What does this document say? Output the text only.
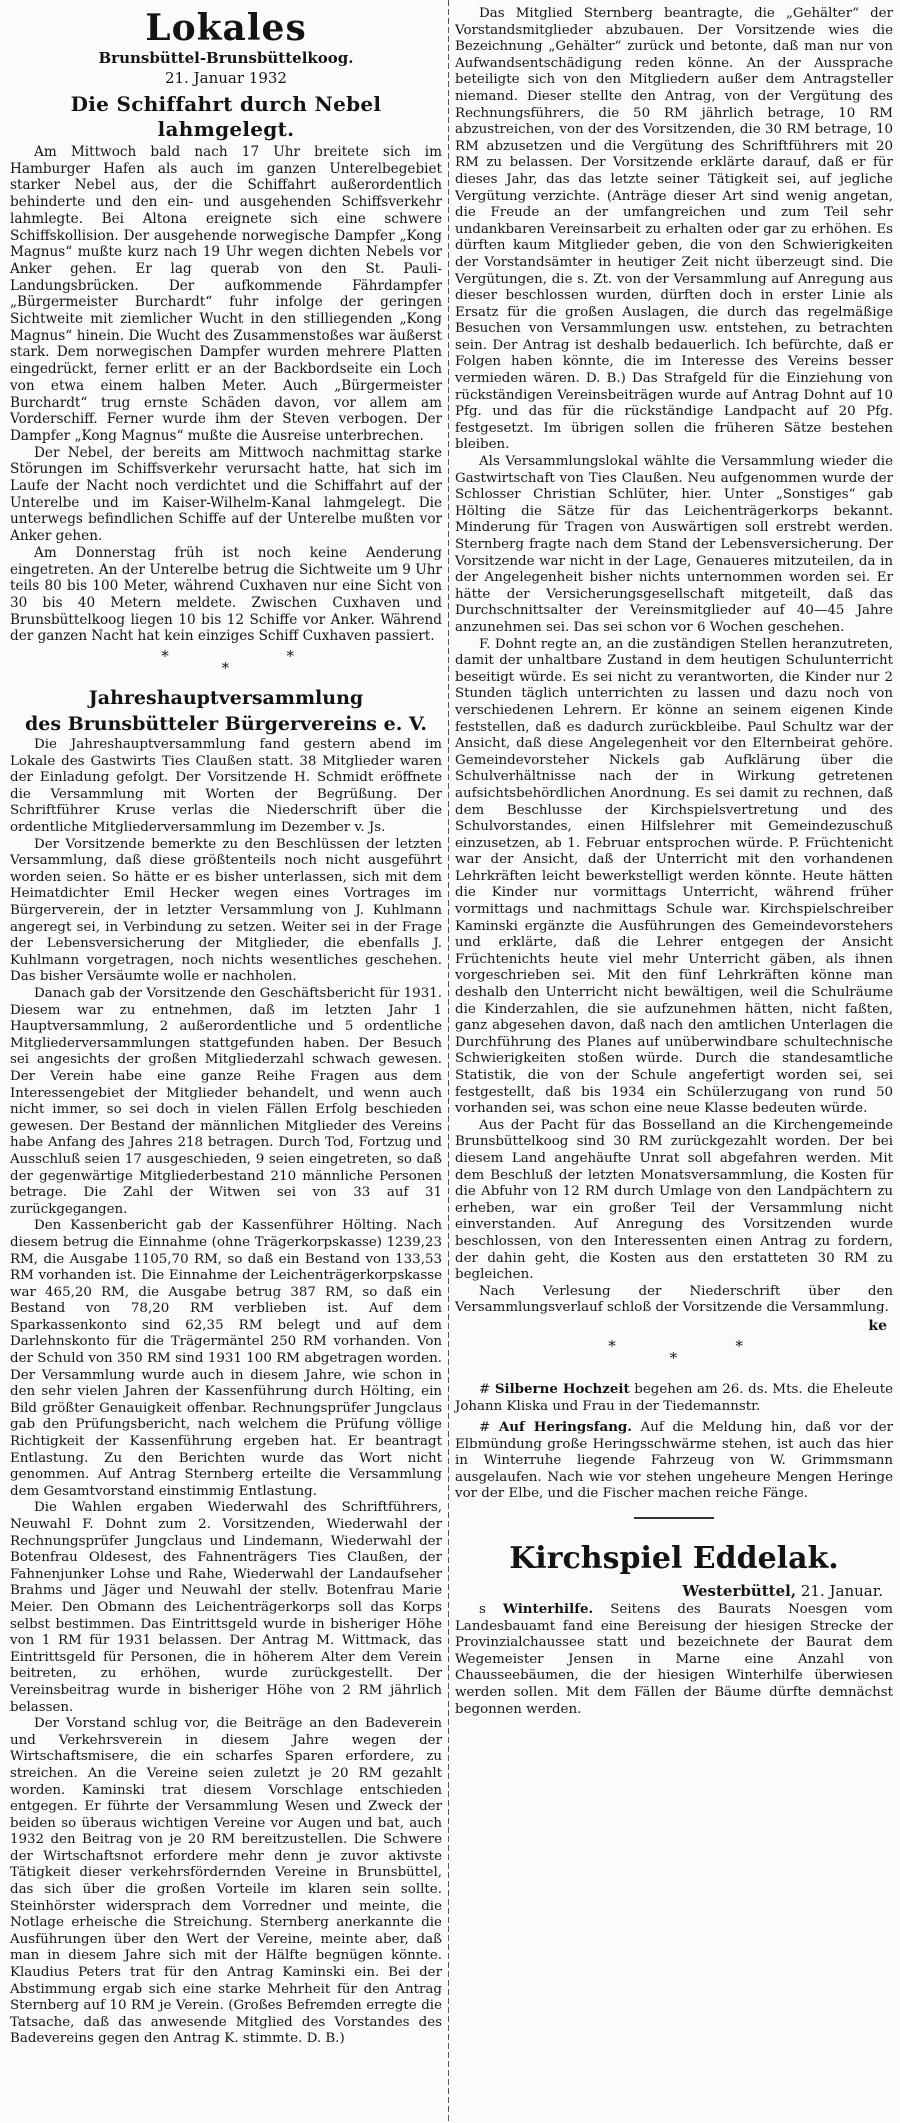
Lokales
Brunsbüttel-Brunsbüttelkoog.
21. Januar 1932
Die Schiffahrt durch Nebel lahmgelegt.

Am Mittwoch bald nach 17 Uhr breitete sich im Hamburger Hafen als auch im ganzen Unterelbegebiet starker Nebel aus, der die Schiffahrt außerordentlich behinderte und den ein- und ausgehenden Schiffsverkehr lahmlegte. Bei Altona ereignete sich eine schwere Schiffskollision. Der ausgehende norwegische Dampfer „Kong Magnus“ mußte kurz nach 19 Uhr wegen dichten Nebels vor Anker gehen. Er lag querab von den St. Pauli-Landungsbrücken. Der aufkommende Fährdampfer „Bürgermeister Burchardt“ fuhr infolge der geringen Sichtweite mit ziemlicher Wucht in den stilliegenden „Kong Magnus“ hinein. Die Wucht des Zusammenstoßes war äußerst stark. Dem norwegischen Dampfer wurden mehrere Platten eingedrückt, ferner erlitt er an der Backbordseite ein Loch von etwa einem halben Meter. Auch „Bürgermeister Burchardt“ trug ernste Schäden davon, vor allem am Vorderschiff. Ferner wurde ihm der Steven verbogen. Der Dampfer „Kong Magnus“ mußte die Ausreise unterbrechen.

Der Nebel, der bereits am Mittwoch nachmittag starke Störungen im Schiffsverkehr verursacht hatte, hat sich im Laufe der Nacht noch verdichtet und die Schiffahrt auf der Unterelbe und im Kaiser-Wilhelm-Kanal lahmgelegt. Die unterwegs befindlichen Schiffe auf der Unterelbe mußten vor Anker gehen.

Am Donnerstag früh ist noch keine Aenderung eingetreten. An der Unterelbe betrug die Sichtweite um 9 Uhr teils 80 bis 100 Meter, während Cuxhaven nur eine Sicht von 30 bis 40 Metern meldete. Zwischen Cuxhaven und Brunsbüttelkoog liegen 10 bis 12 Schiffe vor Anker. Während der ganzen Nacht hat kein einziges Schiff Cuxhaven passiert.

*
*
*
Jahreshauptversammlung
des Brunsbütteler Bürgervereins e. V.

Die Jahreshauptversammlung fand gestern abend im Lokale des Gastwirts Ties Claußen statt. 38 Mitglieder waren der Einladung gefolgt. Der Vorsitzende H. Schmidt eröffnete die Versammlung mit Worten der Begrüßung. Der Schriftführer Kruse verlas die Niederschrift über die ordentliche Mitgliederversammlung im Dezember v. Js.

Der Vorsitzende bemerkte zu den Beschlüssen der letzten Versammlung, daß diese größtenteils noch nicht ausgeführt worden seien. So hätte er es bisher unterlassen, sich mit dem Heimatdichter Emil Hecker wegen eines Vortrages im Bürgerverein, der in letzter Versammlung von J. Kuhlmann angeregt sei, in Verbindung zu setzen. Weiter sei in der Frage der Lebensversicherung der Mitglieder, die ebenfalls J. Kuhlmann vorgetragen, noch nichts wesentliches geschehen. Das bisher Versäumte wolle er nachholen.

Danach gab der Vorsitzende den Geschäftsbericht für 1931. Diesem war zu entnehmen, daß im letzten Jahr 1 Hauptversammlung, 2 außerordentliche und 5 ordentliche Mitgliederversammlungen stattgefunden haben. Der Besuch sei angesichts der großen Mitgliederzahl schwach gewesen. Der Verein habe eine ganze Reihe Fragen aus dem Interessengebiet der Mitglieder behandelt, und wenn auch nicht immer, so sei doch in vielen Fällen Erfolg beschieden gewesen. Der Bestand der männlichen Mitglieder des Vereins habe Anfang des Jahres 218 betragen. Durch Tod, Fortzug und Ausschluß seien 17 ausgeschieden, 9 seien eingetreten, so daß der gegenwärtige Mitgliederbestand 210 männliche Personen betrage. Die Zahl der Witwen sei von 33 auf 31 zurückgegangen.

Den Kassenbericht gab der Kassenführer Hölting. Nach diesem betrug die Einnahme (ohne Trägerkorpskasse) 1239,23 RM, die Ausgabe 1105,70 RM, so daß ein Bestand von 133,53 RM vorhanden ist. Die Einnahme der Leichenträgerkorpskasse war 465,20 RM, die Ausgabe betrug 387 RM, so daß ein Bestand von 78,20 RM verblieben ist. Auf dem Sparkassenkonto sind 62,35 RM belegt und auf dem Darlehnskonto für die Trägermäntel 250 RM vorhanden. Von der Schuld von 350 RM sind 1931 100 RM abgetragen worden. Der Versammlung wurde auch in diesem Jahre, wie schon in den sehr vielen Jahren der Kassenführung durch Hölting, ein Bild größter Genauigkeit offenbar. Rechnungsprüfer Jungclaus gab den Prüfungsbericht, nach welchem die Prüfung völlige Richtigkeit der Kassenführung ergeben hat. Er beantragt Entlastung. Zu den Berichten wurde das Wort nicht genommen. Auf Antrag Sternberg erteilte die Versammlung dem Gesamtvorstand einstimmig Entlastung.

Die Wahlen ergaben Wiederwahl des Schriftführers, Neuwahl F. Dohnt zum 2. Vorsitzenden, Wiederwahl der Rechnungsprüfer Jungclaus und Lindemann, Wiederwahl der Botenfrau Oldesest, des Fahnenträgers Ties Claußen, der Fahnenjunker Lohse und Rahe, Wiederwahl der Landaufseher Brahms und Jäger und Neuwahl der stellv. Botenfrau Marie Meier. Den Obmann des Leichenträgerkorps soll das Korps selbst bestimmen. Das Eintrittsgeld wurde in bisheriger Höhe von 1 RM für 1931 belassen. Der Antrag M. Wittmack, das Eintrittsgeld für Personen, die in höherem Alter dem Verein beitreten, zu erhöhen, wurde zurückgestellt. Der Vereinsbeitrag wurde in bisheriger Höhe von 2 RM jährlich belassen.

Der Vorstand schlug vor, die Beiträge an den Badeverein und Verkehrsverein in diesem Jahre wegen der Wirtschaftsmisere, die ein scharfes Sparen erfordere, zu streichen. An die Vereine seien zuletzt je 20 RM gezahlt worden. Kaminski trat diesem Vorschlage entschieden entgegen. Er führte der Versammlung Wesen und Zweck der beiden so überaus wichtigen Vereine vor Augen und bat, auch 1932 den Beitrag von je 20 RM bereitzustellen. Die Schwere der Wirtschaftsnot erfordere mehr denn je zuvor aktivste Tätigkeit dieser verkehrsfördernden Vereine in Brunsbüttel, das sich über die großen Vorteile im klaren sein sollte. Steinhörster widersprach dem Vorredner und meinte, die Notlage erheische die Streichung. Sternberg anerkannte die Ausführungen über den Wert der Vereine, meinte aber, daß man in diesem Jahre sich mit der Hälfte begnügen könnte. Klaudius Peters trat für den Antrag Kaminski ein. Bei der Abstimmung ergab sich eine starke Mehrheit für den Antrag Sternberg auf 10 RM je Verein. (Großes Befremden erregte die Tatsache, daß das anwesende Mitglied des Vorstandes des Badevereins gegen den Antrag K. stimmte. D. B.)

Das Mitglied Sternberg beantragte, die „Gehälter“ der Vorstandsmitglieder abzubauen. Der Vorsitzende wies die Bezeichnung „Gehälter“ zurück und betonte, daß man nur von Aufwandsentschädigung reden könne. An der Aussprache beteiligte sich von den Mitgliedern außer dem Antragsteller niemand. Dieser stellte den Antrag, von der Vergütung des Rechnungsführers, die 50 RM jährlich betrage, 10 RM abzustreichen, von der des Vorsitzenden, die 30 RM betrage, 10 RM abzusetzen und die Vergütung des Schriftführers mit 20 RM zu belassen. Der Vorsitzende erklärte darauf, daß er für dieses Jahr, das das letzte seiner Tätigkeit sei, auf jegliche Vergütung verzichte. (Anträge dieser Art sind wenig angetan, die Freude an der umfangreichen und zum Teil sehr undankbaren Vereinsarbeit zu erhalten oder gar zu erhöhen. Es dürften kaum Mitglieder geben, die von den Schwierigkeiten der Vorstandsämter in heutiger Zeit nicht überzeugt sind. Die Vergütungen, die s. Zt. von der Versammlung auf Anregung aus dieser beschlossen wurden, dürften doch in erster Linie als Ersatz für die großen Auslagen, die durch das regelmäßige Besuchen von Versammlungen usw. entstehen, zu betrachten sein. Der Antrag ist deshalb bedauerlich. Ich befürchte, daß er Folgen haben könnte, die im Interesse des Vereins besser vermieden wären. D. B.) Das Strafgeld für die Einziehung von rückständigen Vereinsbeiträgen wurde auf Antrag Dohnt auf 10 Pfg. und das für die rückständige Landpacht auf 20 Pfg. festgesetzt. Im übrigen sollen die früheren Sätze bestehen bleiben.

Als Versammlungslokal wählte die Versammlung wieder die Gastwirtschaft von Ties Claußen. Neu aufgenommen wurde der Schlosser Christian Schlüter, hier. Unter „Sonstiges“ gab Hölting die Sätze für das Leichenträgerkorps bekannt. Minderung für Tragen von Auswärtigen soll erstrebt werden. Sternberg fragte nach dem Stand der Lebensversicherung. Der Vorsitzende war nicht in der Lage, Genaueres mitzuteilen, da in der Angelegenheit bisher nichts unternommen worden sei. Er hätte der Versicherungsgesellschaft mitgeteilt, daß das Durchschnittsalter der Vereinsmitglieder auf 40—45 Jahre anzunehmen sei. Das sei schon vor 6 Wochen geschehen.

F. Dohnt regte an, an die zuständigen Stellen heranzutreten, damit der unhaltbare Zustand in dem heutigen Schulunterricht beseitigt würde. Es sei nicht zu verantworten, die Kinder nur 2 Stunden täglich unterrichten zu lassen und dazu noch von verschiedenen Lehrern. Er könne an seinem eigenen Kinde feststellen, daß es dadurch zurückbleibe. Paul Schultz war der Ansicht, daß diese Angelegenheit vor den Elternbeirat gehöre. Gemeindevorsteher Nickels gab Aufklärung über die Schulverhältnisse nach der in Wirkung getretenen aufsichtsbehördlichen Anordnung. Es sei damit zu rechnen, daß dem Beschlusse der Kirchspielsvertretung und des Schulvorstandes, einen Hilfslehrer mit Gemeindezuschuß einzusetzen, ab 1. Februar entsprochen würde. P. Früchtenicht war der Ansicht, daß der Unterricht mit den vorhandenen Lehrkräften leicht bewerkstelligt werden könnte. Heute hätten die Kinder nur vormittags Unterricht, während früher vormittags und nachmittags Schule war. Kirchspielschreiber Kaminski ergänzte die Ausführungen des Gemeindevorstehers und erklärte, daß die Lehrer entgegen der Ansicht Früchtenichts heute viel mehr Unterricht gäben, als ihnen vorgeschrieben sei. Mit den fünf Lehrkräften könne man deshalb den Unterricht nicht bewältigen, weil die Schulräume die Kinderzahlen, die sie aufzunehmen hätten, nicht faßten, ganz abgesehen davon, daß nach den amtlichen Unterlagen die Durchführung des Planes auf unüberwindbare schultechnische Schwierigkeiten stoßen würde. Durch die standesamtliche Statistik, die von der Schule angefertigt worden sei, sei festgestellt, daß bis 1934 ein Schülerzugang von rund 50 vorhanden sei, was schon eine neue Klasse bedeuten würde.

Aus der Pacht für das Bosselland an die Kirchengemeinde Brunsbüttelkoog sind 30 RM zurückgezahlt worden. Der bei diesem Land angehäufte Unrat soll abgefahren werden. Mit dem Beschluß der letzten Monatsversammlung, die Kosten für die Abfuhr von 12 RM durch Umlage von den Landpächtern zu erheben, war ein großer Teil der Versammlung nicht einverstanden. Auf Anregung des Vorsitzenden wurde beschlossen, von den Interessenten einen Antrag zu fordern, der dahin geht, die Kosten aus den erstatteten 30 RM zu begleichen.

Nach Verlesung der Niederschrift über den Versammlungsverlauf schloß der Vorsitzende die Versammlung.

ke
*
*
*

# Silberne Hochzeit begehen am 26. ds. Mts. die Eheleute Johann Kliska und Frau in der Tiedemannstr.

# Auf Heringsfang. Auf die Meldung hin, daß vor der Elbmündung große Heringsschwärme stehen, ist auch das hier in Winterruhe liegende Fahrzeug von W. Grimmsmann ausgelaufen. Nach wie vor stehen ungeheure Mengen Heringe vor der Elbe, und die Fischer machen reiche Fänge.

Kirchspiel Eddelak.
Westerbüttel, 21. Januar.

s Winterhilfe. Seitens des Baurats Noesgen vom Landesbauamt fand eine Bereisung der hiesigen Strecke der Provinzialchaussee statt und bezeichnete der Baurat dem Wegemeister Jensen in Marne eine Anzahl von Chausseebäumen, die der hiesigen Winterhilfe überwiesen werden sollen. Mit dem Fällen der Bäume dürfte demnächst begonnen werden.
